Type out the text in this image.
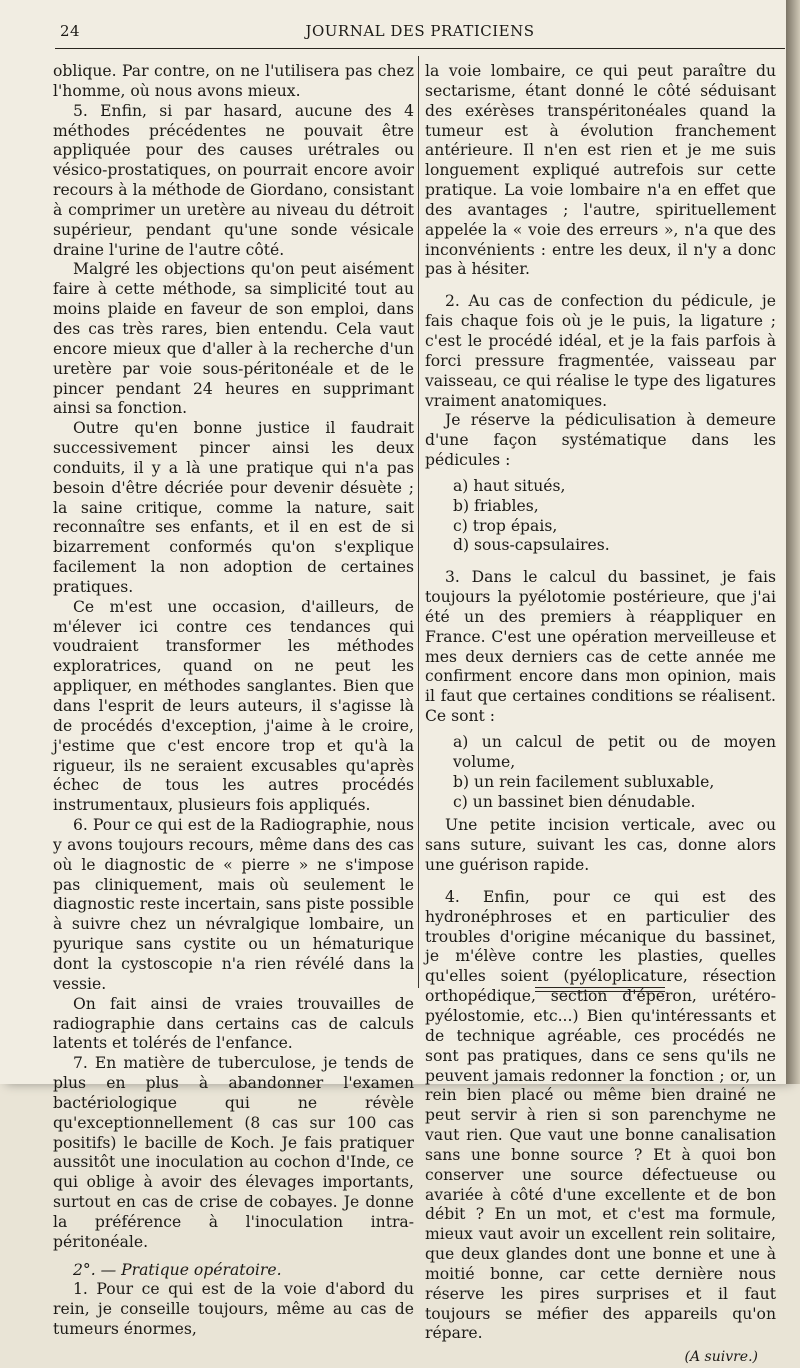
24	JOURNAL DES PRATICIENS

oblique. Par contre, on ne l'utilisera pas chez l'homme, où nous avons mieux.

5. Enfin, si par hasard, aucune des 4 méthodes précédentes ne pouvait être appliquée pour des causes urétrales ou vésico-prostatiques, on pourrait encore avoir recours à la méthode de Giordano, consistant à comprimer un uretère au niveau du détroit supérieur, pendant qu'une sonde vésicale draine l'urine de l'autre côté.

Malgré les objections qu'on peut aisément faire à cette méthode, sa simplicité tout au moins plaide en faveur de son emploi, dans des cas très rares, bien entendu. Cela vaut encore mieux que d'aller à la recherche d'un uretère par voie sous-péritonéale et de le pincer pendant 24 heures en supprimant ainsi sa fonction.

Outre qu'en bonne justice il faudrait successivement pincer ainsi les deux conduits, il y a là une pratique qui n'a pas besoin d'être décriée pour devenir désuète ; la saine critique, comme la nature, sait reconnaître ses enfants, et il en est de si bizarrement conformés qu'on s'explique facilement la non adoption de certaines pratiques.

Ce m'est une occasion, d'ailleurs, de m'élever ici contre ces tendances qui voudraient transformer les méthodes exploratrices, quand on ne peut les appliquer, en méthodes sanglantes. Bien que dans l'esprit de leurs auteurs, il s'agisse là de procédés d'exception, j'aime à le croire, j'estime que c'est encore trop et qu'à la rigueur, ils ne seraient excusables qu'après échec de tous les autres procédés instrumentaux, plusieurs fois appliqués.

6. Pour ce qui est de la Radiographie, nous y avons toujours recours, même dans des cas où le diagnostic de « pierre » ne s'impose pas cliniquement, mais où seulement le diagnostic reste incertain, sans piste possible à suivre chez un névralgique lombaire, un pyurique sans cystite ou un hématurique dont la cystoscopie n'a rien révélé dans la vessie.

On fait ainsi de vraies trouvailles de radiographie dans certains cas de calculs latents et tolérés de l'enfance.

7. En matière de tuberculose, je tends de plus en plus à abandonner l'examen bactériologique qui ne révèle qu'exceptionnellement (8 cas sur 100 cas positifs) le bacille de Koch. Je fais pratiquer aussitôt une inoculation au cochon d'Inde, ce qui oblige à avoir des élevages importants, surtout en cas de crise de cobayes. Je donne la préférence à l'inoculation intra-péritonéale.

2°. — Pratique opératoire.

1. Pour ce qui est de la voie d'abord du rein, je conseille toujours, même au cas de tumeurs énormes,

la voie lombaire, ce qui peut paraître du sectarisme, étant donné le côté séduisant des exérèses transpéritonéales quand la tumeur est à évolution franchement antérieure. Il n'en est rien et je me suis longuement expliqué autrefois sur cette pratique. La voie lombaire n'a en effet que des avantages ; l'autre, spirituellement appelée la « voie des erreurs », n'a que des inconvénients : entre les deux, il n'y a donc pas à hésiter.

2. Au cas de confection du pédicule, je fais chaque fois où je le puis, la ligature ; c'est le procédé idéal, et je la fais parfois à forci pressure fragmentée, vaisseau par vaisseau, ce qui réalise le type des ligatures vraiment anatomiques.

Je réserve la pédiculisation à demeure d'une façon systématique dans les pédicules :

a) haut situés,

b) friables,

c) trop épais,

d) sous-capsulaires.

3. Dans le calcul du bassinet, je fais toujours la pyélotomie postérieure, que j'ai été un des premiers à réappliquer en France. C'est une opération merveilleuse et mes deux derniers cas de cette année me confirment encore dans mon opinion, mais il faut que certaines conditions se réalisent. Ce sont :

a) un calcul de petit ou de moyen volume,

b) un rein facilement subluxable,

c) un bassinet bien dénudable.

Une petite incision verticale, avec ou sans suture, suivant les cas, donne alors une guérison rapide.

4. Enfin, pour ce qui est des hydronéphroses et en particulier des troubles d'origine mécanique du bassinet, je m'élève contre les plasties, quelles qu'elles soient (pyéloplicature, résection orthopédique, section d'éperon, urétéro-pyélostomie, etc...) Bien qu'intéressants et de technique agréable, ces procédés ne sont pas pratiques, dans ce sens qu'ils ne peuvent jamais redonner la fonction ; or, un rein bien placé ou même bien drainé ne peut servir à rien si son parenchyme ne vaut rien. Que vaut une bonne canalisation sans une bonne source ? Et à quoi bon conserver une source défectueuse ou avariée à côté d'une excellente et de bon débit ? En un mot, et c'est ma formule, mieux vaut avoir un excellent rein solitaire, que deux glandes dont une bonne et une à moitié bonne, car cette dernière nous réserve les pires surprises et il faut toujours se méfier des appareils qu'on répare.

(A suivre.)
